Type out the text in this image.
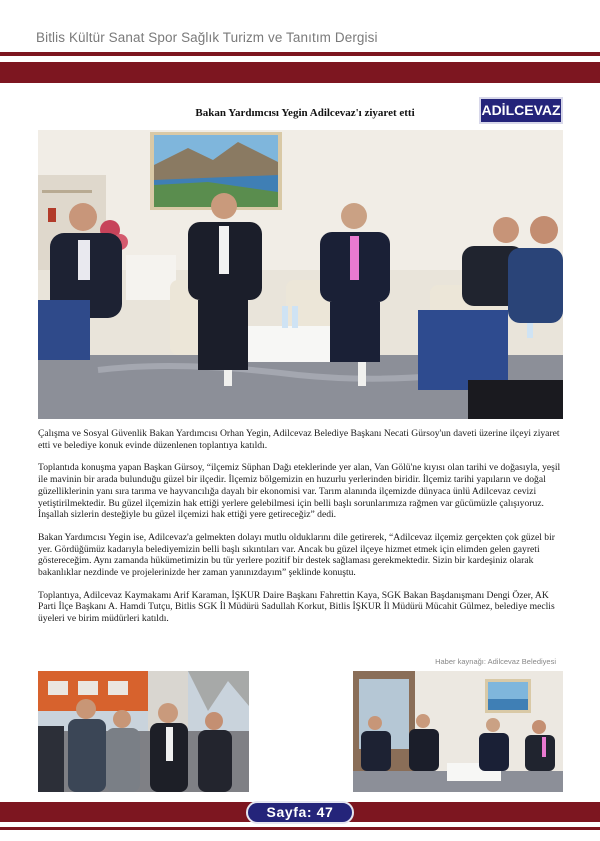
Bitlis Kültür Sanat Spor Sağlık Turizm ve Tanıtım Dergisi
Bakan Yardımcısı Yegin Adilcevaz'ı ziyaret etti	ADİLCEVAZ

Çalışma ve Sosyal Güvenlik Bakan Yardımcısı Orhan Yegin, Adilcevaz Belediye Başkanı Necati Gürsoy'un daveti üzerine ilçeyi ziyaret etti ve belediye konuk evinde düzenlenen toplantıya katıldı.

Toplantıda konuşma yapan Başkan Gürsoy, “ilçemiz Süphan Dağı eteklerinde yer alan, Van Gölü'ne kıyısı olan tarihi ve doğasıyla, yeşil ile mavinin bir arada bulunduğu güzel bir ilçedir. İlçemiz bölgemizin en huzurlu yerlerinden biridir. İlçemiz tarihi yapıların ve doğal güzelliklerinin yanı sıra tarıma ve hayvancılığa dayalı bir ekonomisi var. Tarım alanında ilçemizde dünyaca ünlü Adilcevaz cevizi yetiştirilmektedir. Bu güzel ilçemizin hak ettiği yerlere gelebilmesi için belli başlı sorunlarımıza rağmen var gücümüzle çalışıyoruz. İnşallah sizlerin desteğiyle bu güzel ilçemizi hak ettiği yere getireceğiz” dedi.

Bakan Yardımcısı Yegin ise, Adilcevaz'a gelmekten dolayı mutlu olduklarını dile getirerek, “Adilcevaz ilçemiz gerçekten çok güzel bir yer. Gördüğümüz kadarıyla belediyemizin belli başlı sıkıntıları var. Ancak bu güzel ilçeye hizmet etmek için elimden gelen gayreti göstereceğim. Aynı zamanda hükümetimizin bu tür yerlere pozitif bir destek sağlaması gerekmektedir. Sizin bir kardeşiniz olarak bakanlıklar nezdinde ve projelerinizde her zaman yanınızdayım” şeklinde konuştu.

Toplantıya, Adilcevaz Kaymakamı Arif Karaman, İŞKUR Daire Başkanı Fahrettin Kaya, SGK Bakan Başdanışmanı Dengi Özer, AK Parti İlçe Başkanı A. Hamdi Tutçu, Bitlis SGK İl Müdürü Sadullah Korkut, Bitlis İŞKUR İl Müdürü Mücahit Gülmez, belediye meclis üyeleri ve birim müdürleri katıldı.

Haber kaynağı: Adilcevaz Belediyesi
Sayfa: 47
